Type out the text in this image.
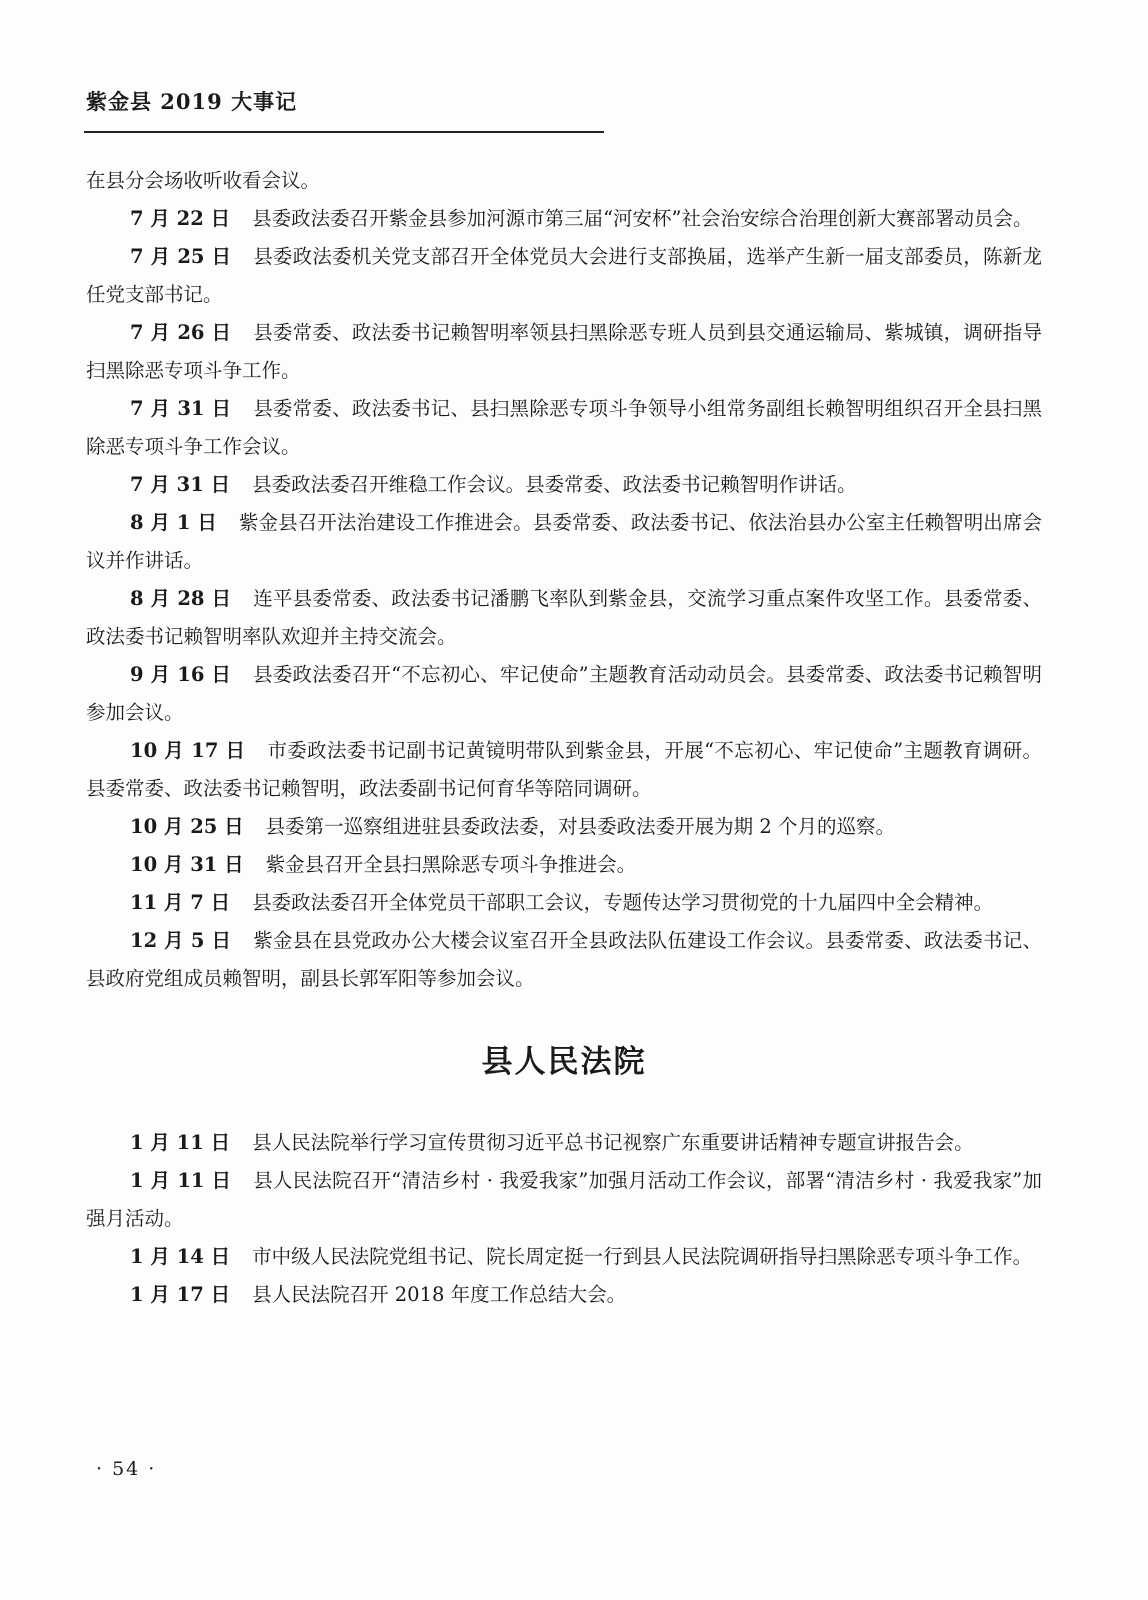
紫金县 2019 大事记

在县分会场收听收看会议。

7 月 22 日 县委政法委召开紫金县参加河源市第三届“河安杯”社会治安综合治理创新大赛部署动员会。

7 月 25 日 县委政法委机关党支部召开全体党员大会进行支部换届，选举产生新一届支部委员，陈新龙任党支部书记。

7 月 26 日 县委常委、政法委书记赖智明率领县扫黑除恶专班人员到县交通运输局、紫城镇，调研指导扫黑除恶专项斗争工作。

7 月 31 日 县委常委、政法委书记、县扫黑除恶专项斗争领导小组常务副组长赖智明组织召开全县扫黑除恶专项斗争工作会议。

7 月 31 日 县委政法委召开维稳工作会议。县委常委、政法委书记赖智明作讲话。

8 月 1 日 紫金县召开法治建设工作推进会。县委常委、政法委书记、依法治县办公室主任赖智明出席会议并作讲话。

8 月 28 日 连平县委常委、政法委书记潘鹏飞率队到紫金县，交流学习重点案件攻坚工作。县委常委、政法委书记赖智明率队欢迎并主持交流会。

9 月 16 日 县委政法委召开“不忘初心、牢记使命”主题教育活动动员会。县委常委、政法委书记赖智明参加会议。

10 月 17 日 市委政法委书记副书记黄镜明带队到紫金县，开展“不忘初心、牢记使命”主题教育调研。县委常委、政法委书记赖智明，政法委副书记何育华等陪同调研。

10 月 25 日 县委第一巡察组进驻县委政法委，对县委政法委开展为期 2 个月的巡察。

10 月 31 日 紫金县召开全县扫黑除恶专项斗争推进会。

11 月 7 日 县委政法委召开全体党员干部职工会议，专题传达学习贯彻党的十九届四中全会精神。

12 月 5 日 紫金县在县党政办公大楼会议室召开全县政法队伍建设工作会议。县委常委、政法委书记、县政府党组成员赖智明，副县长郭军阳等参加会议。

县人民法院

1 月 11 日 县人民法院举行学习宣传贯彻习近平总书记视察广东重要讲话精神专题宣讲报告会。

1 月 11 日 县人民法院召开“清洁乡村 · 我爱我家”加强月活动工作会议，部署“清洁乡村 · 我爱我家”加强月活动。

1 月 14 日 市中级人民法院党组书记、院长周定挺一行到县人民法院调研指导扫黑除恶专项斗争工作。

1 月 17 日 县人民法院召开 2018 年度工作总结大会。

· 54 ·
